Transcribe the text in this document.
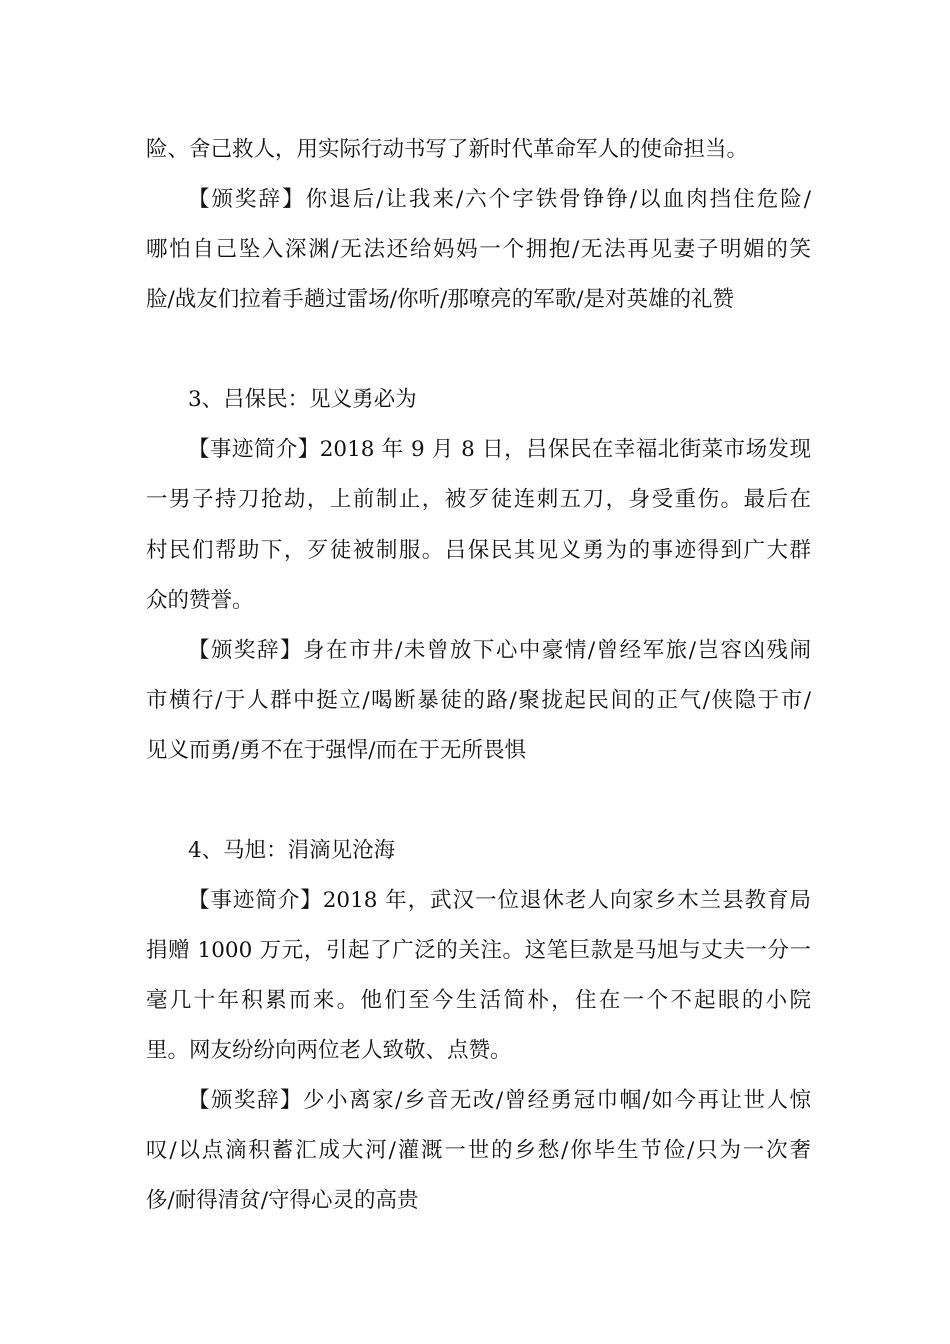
险、舍己救人，用实际行动书写了新时代革命军人的使命担当。
【颁奖辞】你退后/让我来/六个字铁骨铮铮/以血肉挡住危险/
哪怕自己坠入深渊/无法还给妈妈一个拥抱/无法再见妻子明媚的笑
脸/战友们拉着手趟过雷场/你听/那嘹亮的军歌/是对英雄的礼赞
3、吕保民：见义勇必为
【事迹简介】2018 年 9 月 8 日，吕保民在幸福北街菜市场发现
一男子持刀抢劫，上前制止，被歹徒连刺五刀，身受重伤。最后在
村民们帮助下，歹徒被制服。吕保民其见义勇为的事迹得到广大群
众的赞誉。
【颁奖辞】身在市井/未曾放下心中豪情/曾经军旅/岂容凶残闹
市横行/于人群中挺立/喝断暴徒的路/聚拢起民间的正气/侠隐于市/
见义而勇/勇不在于强悍/而在于无所畏惧
4、马旭：涓滴见沧海
【事迹简介】2018 年，武汉一位退休老人向家乡木兰县教育局
捐赠 1000 万元，引起了广泛的关注。这笔巨款是马旭与丈夫一分一
毫几十年积累而来。他们至今生活简朴，住在一个不起眼的小院
里。网友纷纷向两位老人致敬、点赞。
【颁奖辞】少小离家/乡音无改/曾经勇冠巾帼/如今再让世人惊
叹/以点滴积蓄汇成大河/灌溉一世的乡愁/你毕生节俭/只为一次奢
侈/耐得清贫/守得心灵的高贵
